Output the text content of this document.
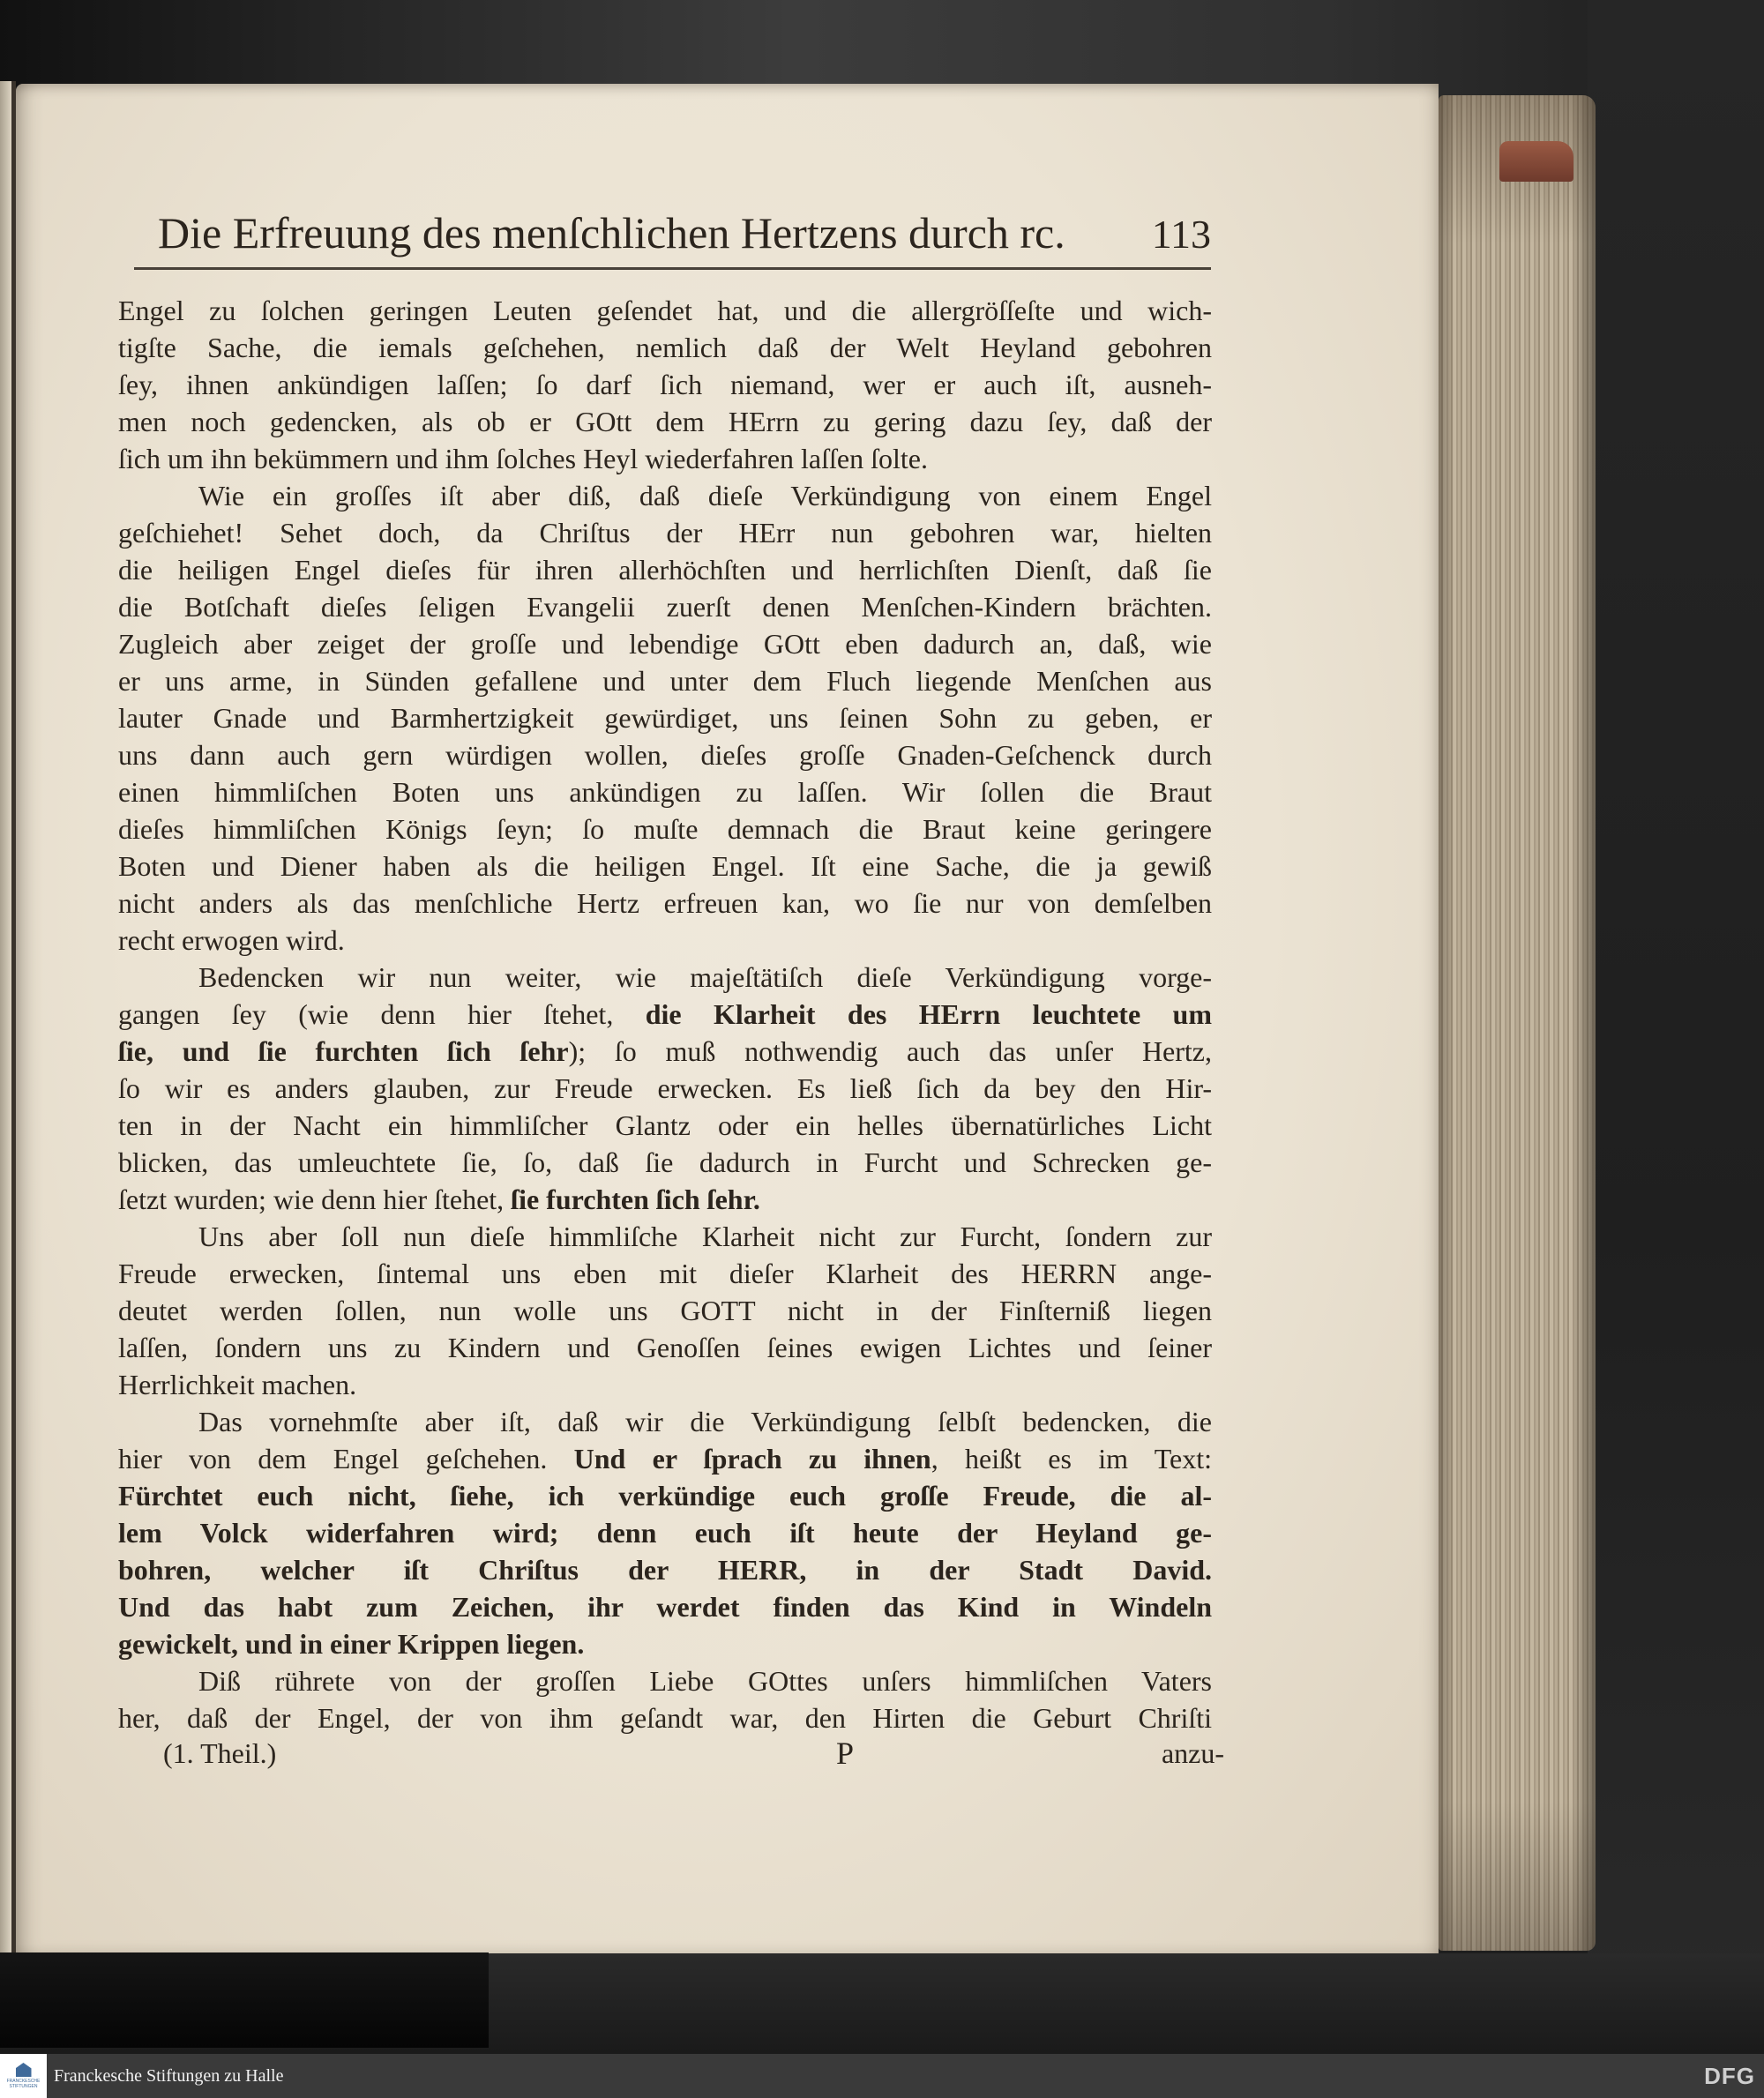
Die Erfreuung des menſchlichen Hertzens durch rc. 113
Engel zu ſolchen geringen Leuten geſendet hat, und die allergröſſeſte und wich-
tigſte Sache, die iemals geſchehen, nemlich daß der Welt Heyland gebohren
ſey, ihnen ankündigen laſſen; ſo darf ſich niemand, wer er auch iſt, ausneh-
men noch gedencken, als ob er GOtt dem HErrn zu gering dazu ſey, daß der
ſich um ihn bekümmern und ihm ſolches Heyl wiederfahren laſſen ſolte.
Wie ein groſſes iſt aber diß, daß dieſe Verkündigung von einem Engel
geſchiehet! Sehet doch, da Chriſtus der HErr nun gebohren war, hielten
die heiligen Engel dieſes für ihren allerhöchſten und herrlichſten Dienſt, daß ſie
die Botſchaft dieſes ſeligen Evangelii zuerſt denen Menſchen-Kindern brächten.
Zugleich aber zeiget der groſſe und lebendige GOtt eben dadurch an, daß, wie
er uns arme, in Sünden gefallene und unter dem Fluch liegende Menſchen aus
lauter Gnade und Barmhertzigkeit gewürdiget, uns ſeinen Sohn zu geben, er
uns dann auch gern würdigen wollen, dieſes groſſe Gnaden-Geſchenck durch
einen himmliſchen Boten uns ankündigen zu laſſen. Wir ſollen die Braut
dieſes himmliſchen Königs ſeyn; ſo muſte demnach die Braut keine geringere
Boten und Diener haben als die heiligen Engel. Iſt eine Sache, die ja gewiß
nicht anders als das menſchliche Hertz erfreuen kan, wo ſie nur von demſelben
recht erwogen wird.
Bedencken wir nun weiter, wie majeſtätiſch dieſe Verkündigung vorge-
gangen ſey (wie denn hier ſtehet, die Klarheit des HErrn leuchtete um
ſie, und ſie furchten ſich ſehr); ſo muß nothwendig auch das unſer Hertz,
ſo wir es anders glauben, zur Freude erwecken. Es ließ ſich da bey den Hir-
ten in der Nacht ein himmliſcher Glantz oder ein helles übernatürliches Licht
blicken, das umleuchtete ſie, ſo, daß ſie dadurch in Furcht und Schrecken ge-
ſetzt wurden; wie denn hier ſtehet, ſie furchten ſich ſehr.
Uns aber ſoll nun dieſe himmliſche Klarheit nicht zur Furcht, ſondern zur
Freude erwecken, ſintemal uns eben mit dieſer Klarheit des HERRN ange-
deutet werden ſollen, nun wolle uns GOTT nicht in der Finſterniß liegen
laſſen, ſondern uns zu Kindern und Genoſſen ſeines ewigen Lichtes und ſeiner
Herrlichkeit machen.
Das vornehmſte aber iſt, daß wir die Verkündigung ſelbſt bedencken, die
hier von dem Engel geſchehen. Und er ſprach zu ihnen, heißt es im Text:
Fürchtet euch nicht, ſiehe, ich verkündige euch groſſe Freude, die al-
lem Volck widerfahren wird; denn euch iſt heute der Heyland ge-
bohren, welcher iſt Chriſtus der HERR, in der Stadt David.
Und das habt zum Zeichen, ihr werdet finden das Kind in Windeln
gewickelt, und in einer Krippen liegen.
Diß rührete von der groſſen Liebe GOttes unſers himmliſchen Vaters
her, daß der Engel, der von ihm geſandt war, den Hirten die Geburt Chriſti
(1. Theil.)	P	anzu-
FRANCKESCHE STIFTUNGEN
Franckesche Stiftungen zu Halle	DFG
